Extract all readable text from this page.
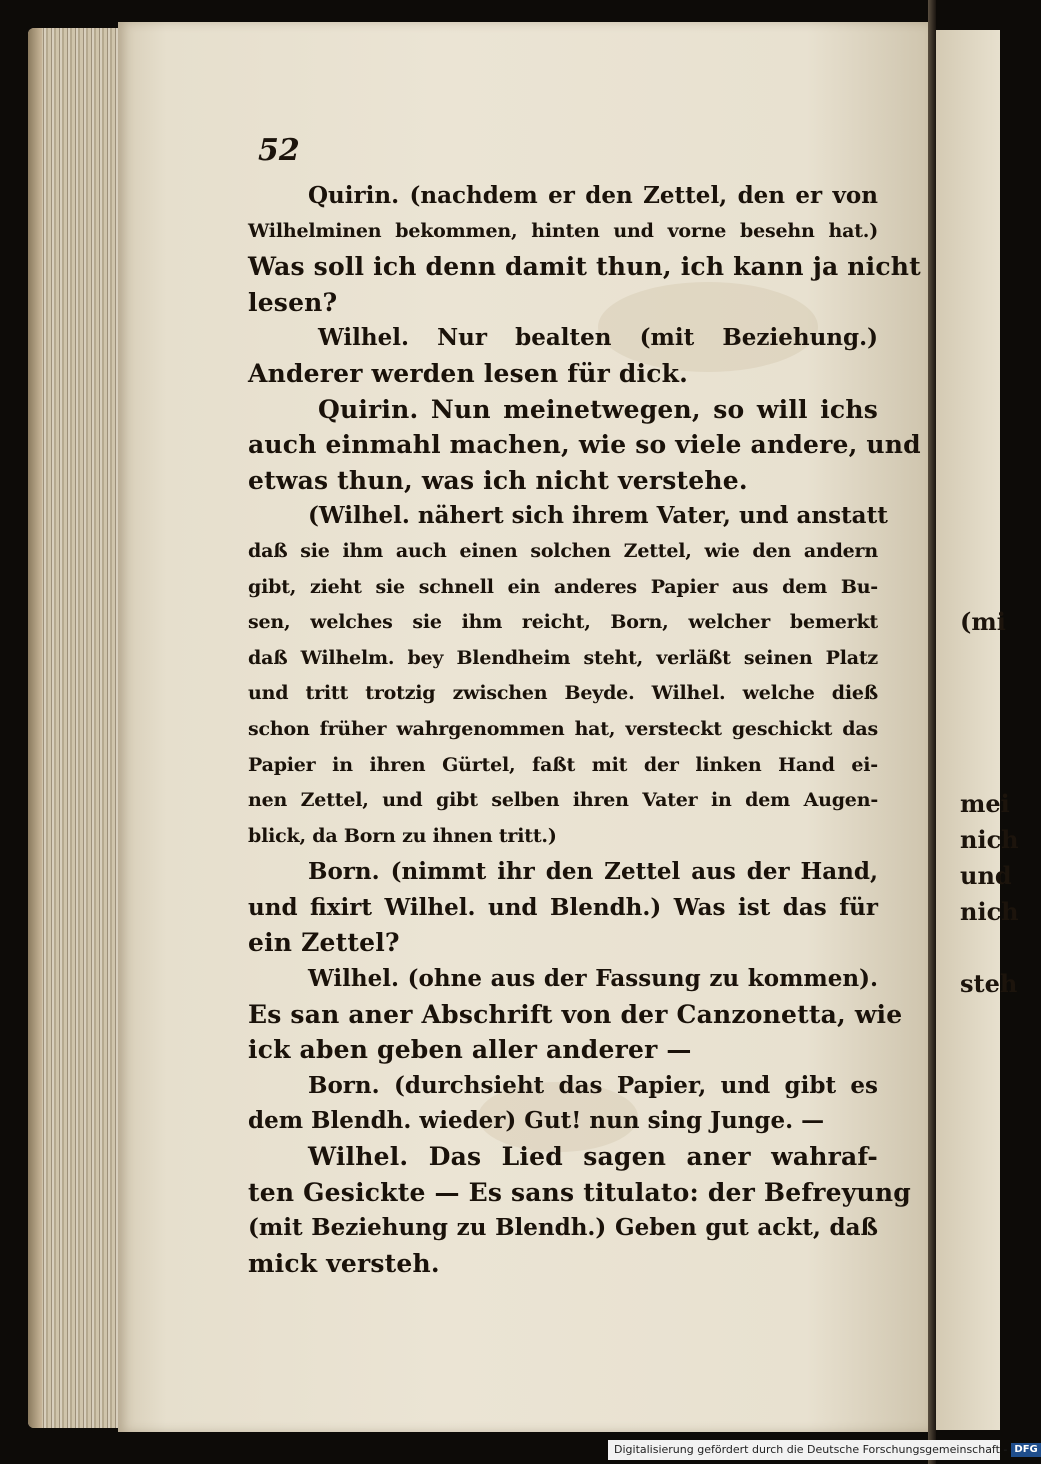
(mi
mei
nich
und
nich
steh
52
Quirin. (nachdem er den Zettel, den er von
Wilhelminen bekommen, hinten und vorne besehn hat.)
Was soll ich denn damit thun, ich kann ja nicht
lesen?
Wilhel. Nur bealten (mit Beziehung.)
Anderer werden lesen für dick.
Quirin. Nun meinetwegen, so will ichs
auch einmahl machen, wie so viele andere, und
etwas thun, was ich nicht verstehe.
(Wilhel. nähert sich ihrem Vater, und anstatt
daß sie ihm auch einen solchen Zettel, wie den andern
gibt, zieht sie schnell ein anderes Papier aus dem Bu-
sen, welches sie ihm reicht, Born, welcher bemerkt
daß Wilhelm. bey Blendheim steht, verläßt seinen Platz
und tritt trotzig zwischen Beyde. Wilhel. welche dieß
schon früher wahrgenommen hat, versteckt geschickt das
Papier in ihren Gürtel, faßt mit der linken Hand ei-
nen Zettel, und gibt selben ihren Vater in dem Augen-
blick, da Born zu ihnen tritt.)
Born. (nimmt ihr den Zettel aus der Hand,
und fixirt Wilhel. und Blendh.) Was ist das für
ein Zettel?
Wilhel. (ohne aus der Fassung zu kommen).
Es san aner Abschrift von der Canzonetta, wie
ick aben geben aller anderer —
Born. (durchsieht das Papier, und gibt es
dem Blendh. wieder) Gut! nun sing Junge. —
Wilhel. Das Lied sagen aner wahraf-
ten Gesickte — Es sans titulato: der Befreyung
(mit Beziehung zu Blendh.) Geben gut ackt, daß
mick versteh.
Digitalisierung gefördert durch die Deutsche Forschungsgemeinschaft - DFG
